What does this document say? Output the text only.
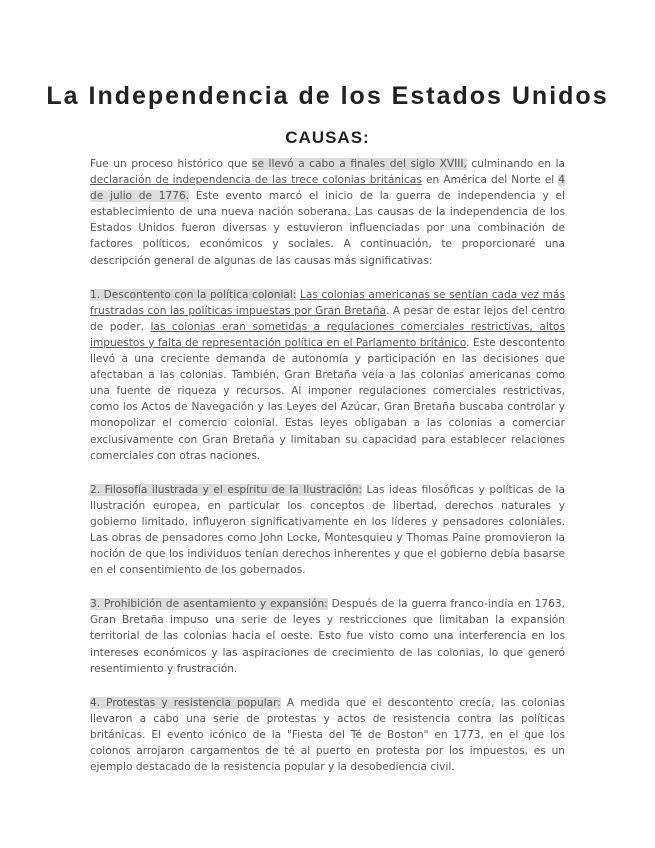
La Independencia de los Estados Unidos
CAUSAS:

Fue un proceso histórico que se llevó a cabo a finales del siglo XVIII, culminando en la declaración de independencia de las trece colonias británicas en América del Norte el 4 de julio de 1776. Este evento marcó el inicio de la guerra de independencia y el establecimiento de una nueva nación soberana. Las causas de la independencia de los Estados Unidos fueron diversas y estuvieron influenciadas por una combinación de factores políticos, económicos y sociales. A continuación, te proporcionaré una descripción general de algunas de las causas más significativas:

1. Descontento con la política colonial: Las colonias americanas se sentían cada vez más frustradas con las políticas impuestas por Gran Bretaña. A pesar de estar lejos del centro de poder, las colonias eran sometidas a regulaciones comerciales restrictivas, altos impuestos y falta de representación política en el Parlamento británico. Este descontento llevó a una creciente demanda de autonomía y participación en las decisiones que afectaban a las colonias. También, Gran Bretaña veía a las colonias americanas como una fuente de riqueza y recursos. Al imponer regulaciones comerciales restrictivas, como los Actos de Navegación y las Leyes del Azúcar, Gran Bretaña buscaba controlar y monopolizar el comercio colonial. Estas leyes obligaban a las colonias a comerciar exclusivamente con Gran Bretaña y limitaban su capacidad para establecer relaciones comerciales con otras naciones.

2. Filosofía ilustrada y el espíritu de la Ilustración: Las ideas filosóficas y políticas de la Ilustración europea, en particular los conceptos de libertad, derechos naturales y gobierno limitado, influyeron significativamente en los líderes y pensadores coloniales. Las obras de pensadores como John Locke, Montesquieu y Thomas Paine promovieron la noción de que los individuos tenían derechos inherentes y que el gobierno debía basarse en el consentimiento de los gobernados.

3. Prohibición de asentamiento y expansión: Después de la guerra franco-india en 1763, Gran Bretaña impuso una serie de leyes y restricciones que limitaban la expansión territorial de las colonias hacia el oeste. Esto fue visto como una interferencia en los intereses económicos y las aspiraciones de crecimiento de las colonias, lo que generó resentimiento y frustración.

4. Protestas y resistencia popular: A medida que el descontento crecía, las colonias llevaron a cabo una serie de protestas y actos de resistencia contra las políticas británicas. El evento icónico de la "Fiesta del Té de Boston" en 1773, en el que los colonos arrojaron cargamentos de té al puerto en protesta por los impuestos, es un ejemplo destacado de la resistencia popular y la desobediencia civil.
